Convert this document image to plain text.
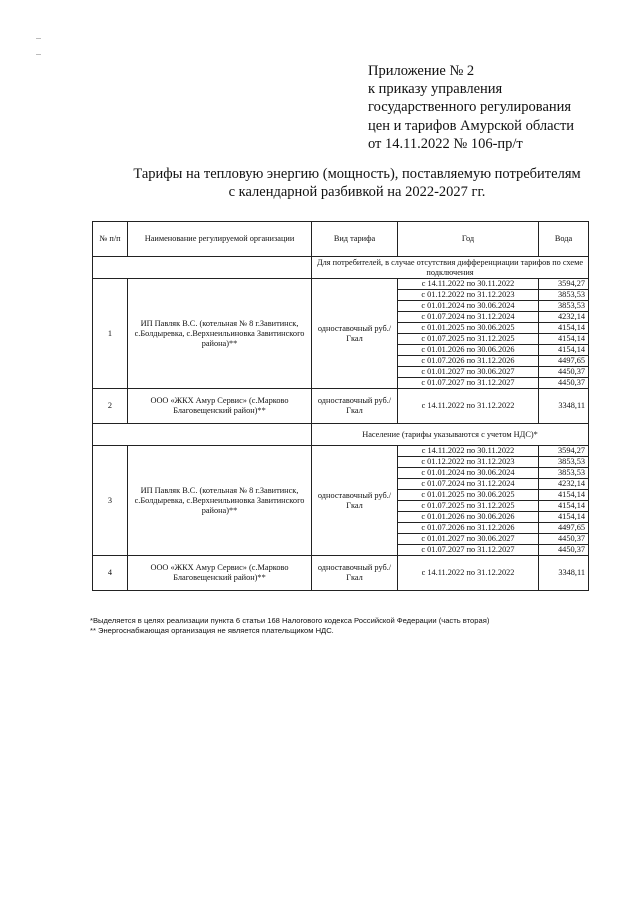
Приложение № 2
к приказу управления
государственного регулирования
цен и тарифов Амурской области
от 14.11.2022 № 106-пр/т
Тарифы на тепловую энергию (мощность), поставляемую потребителям
с календарной разбивкой на 2022-2027 гг.
№ п/п	Наименование регулируемой организации	Вид тарифа	Год	Вода
		Для потребителей, в случае отсутствия дифференциации тарифов по схеме подключения		
1	ИП Павляк В.С. (котельная № 8 г.Завитинск, с.Болдыревка, с.Верхнеильиновка Завитинского района)**	одноставочный руб./Гкал	с 14.11.2022 по 30.11.2022	3594,27
			с 01.12.2022 по 31.12.2023	3853,53
			с 01.01.2024 по 30.06.2024	3853,53
			с 01.07.2024 по 31.12.2024	4232,14
			с 01.01.2025 по 30.06.2025	4154,14
			с 01.07.2025 по 31.12.2025	4154,14
			с 01.01.2026 по 30.06.2026	4154,14
			с 01.07.2026 по 31.12.2026	4497,65
			с 01.01.2027 по 30.06.2027	4450,37
			с 01.07.2027 по 31.12.2027	4450,37
2	ООО «ЖКХ Амур Сервис» (с.Марково Благовещенский район)**	одноставочный руб./Гкал	с 14.11.2022 по 31.12.2022	3348,11
		Население (тарифы указываются с учетом НДС)*		
3	ИП Павляк В.С. (котельная № 8 г.Завитинск, с.Болдыревка, с.Верхнеильиновка Завитинского района)**	одноставочный руб./Гкал	с 14.11.2022 по 30.11.2022	3594,27
			с 01.12.2022 по 31.12.2023	3853,53
			с 01.01.2024 по 30.06.2024	3853,53
			с 01.07.2024 по 31.12.2024	4232,14
			с 01.01.2025 по 30.06.2025	4154,14
			с 01.07.2025 по 31.12.2025	4154,14
			с 01.01.2026 по 30.06.2026	4154,14
			с 01.07.2026 по 31.12.2026	4497,65
			с 01.01.2027 по 30.06.2027	4450,37
			с 01.07.2027 по 31.12.2027	4450,37
4	ООО «ЖКХ Амур Сервис» (с.Марково Благовещенский район)**	одноставочный руб./Гкал	с 14.11.2022 по 31.12.2022	3348,11
*Выделяется в целях реализации пункта 6 статьи 168 Налогового кодекса Российской Федерации (часть вторая)
** Энергоснабжающая организация не является плательщиком НДС.
